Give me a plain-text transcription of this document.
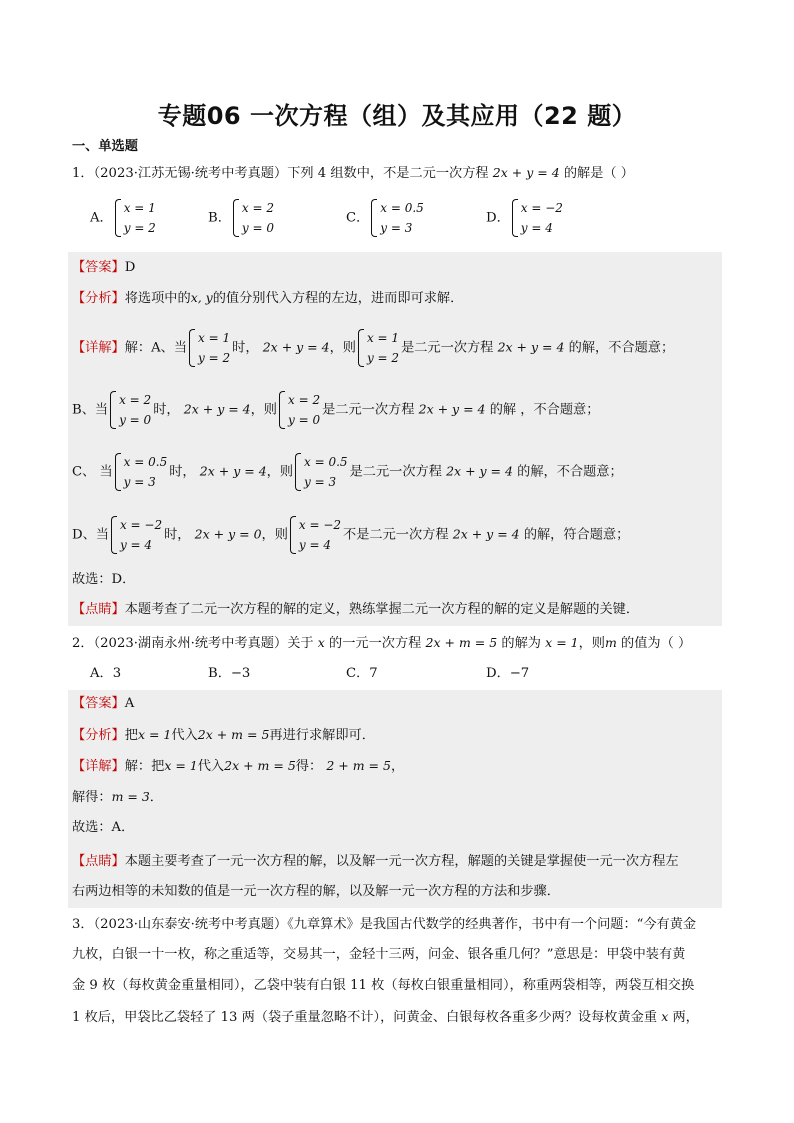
专题06 一次方程（组）及其应用（22 题）
一、单选题
1．（2023·江苏无锡·统考中考真题）下列 4 组数中，不是二元一次方程 2x + y = 4 的解是（ ）
A．
x = 1
y = 2
B．
x = 2
y = 0
C．
x = 0.5
y = 3
D．
x = −2
y = 4
【答案】D
【分析】将选项中的x, y的值分别代入方程的左边，进而即可求解．
【详解】解：A、当
x = 1
y = 2
时， 2x + y = 4，则
x = 1
y = 2
是二元一次方程 2x + y = 4 的解，不合题意；
B、当
x = 2
y = 0
时， 2x + y = 4，则
x = 2
y = 0
是二元一次方程 2x + y = 4 的解 ，不合题意；
C、 当
x = 0.5
y = 3
时， 2x + y = 4，则
x = 0.5
y = 3
是二元一次方程 2x + y = 4 的解，不合题意；
D、当
x = −2
y = 4
时， 2x + y = 0，则
x = −2
y = 4
不是二元一次方程 2x + y = 4 的解，符合题意；
故选：D．
【点睛】本题考查了二元一次方程的解的定义，熟练掌握二元一次方程的解的定义是解题的关键．
2．（2023·湖南永州·统考中考真题）关于 x 的一元一次方程 2x + m = 5 的解为 x = 1，则m 的值为（ ）
A．3	B．−3	C．7	D．−7
【答案】A
【分析】把x = 1代入2x + m = 5再进行求解即可．
【详解】解：把x = 1代入2x + m = 5得： 2 + m = 5，
解得：m = 3．
故选：A．
【点睛】本题主要考查了一元一次方程的解，以及解一元一次方程，解题的关键是掌握使一元一次方程左
右两边相等的未知数的值是一元一次方程的解，以及解一元一次方程的方法和步骤．
3．（2023·山东泰安·统考中考真题）《九章算术》是我国古代数学的经典著作，书中有一个问题：“今有黄金
九枚，白银一十一枚，称之重适等，交易其一，金轻十三两，问金、银各重几何？”意思是：甲袋中装有黄
金 9 枚（每枚黄金重量相同），乙袋中装有白银 11 枚（每枚白银重量相同），称重两袋相等，两袋互相交换
1 枚后，甲袋比乙袋轻了 13 两（袋子重量忽略不计），问黄金、白银每枚各重多少两？设每枚黄金重 x 两，
